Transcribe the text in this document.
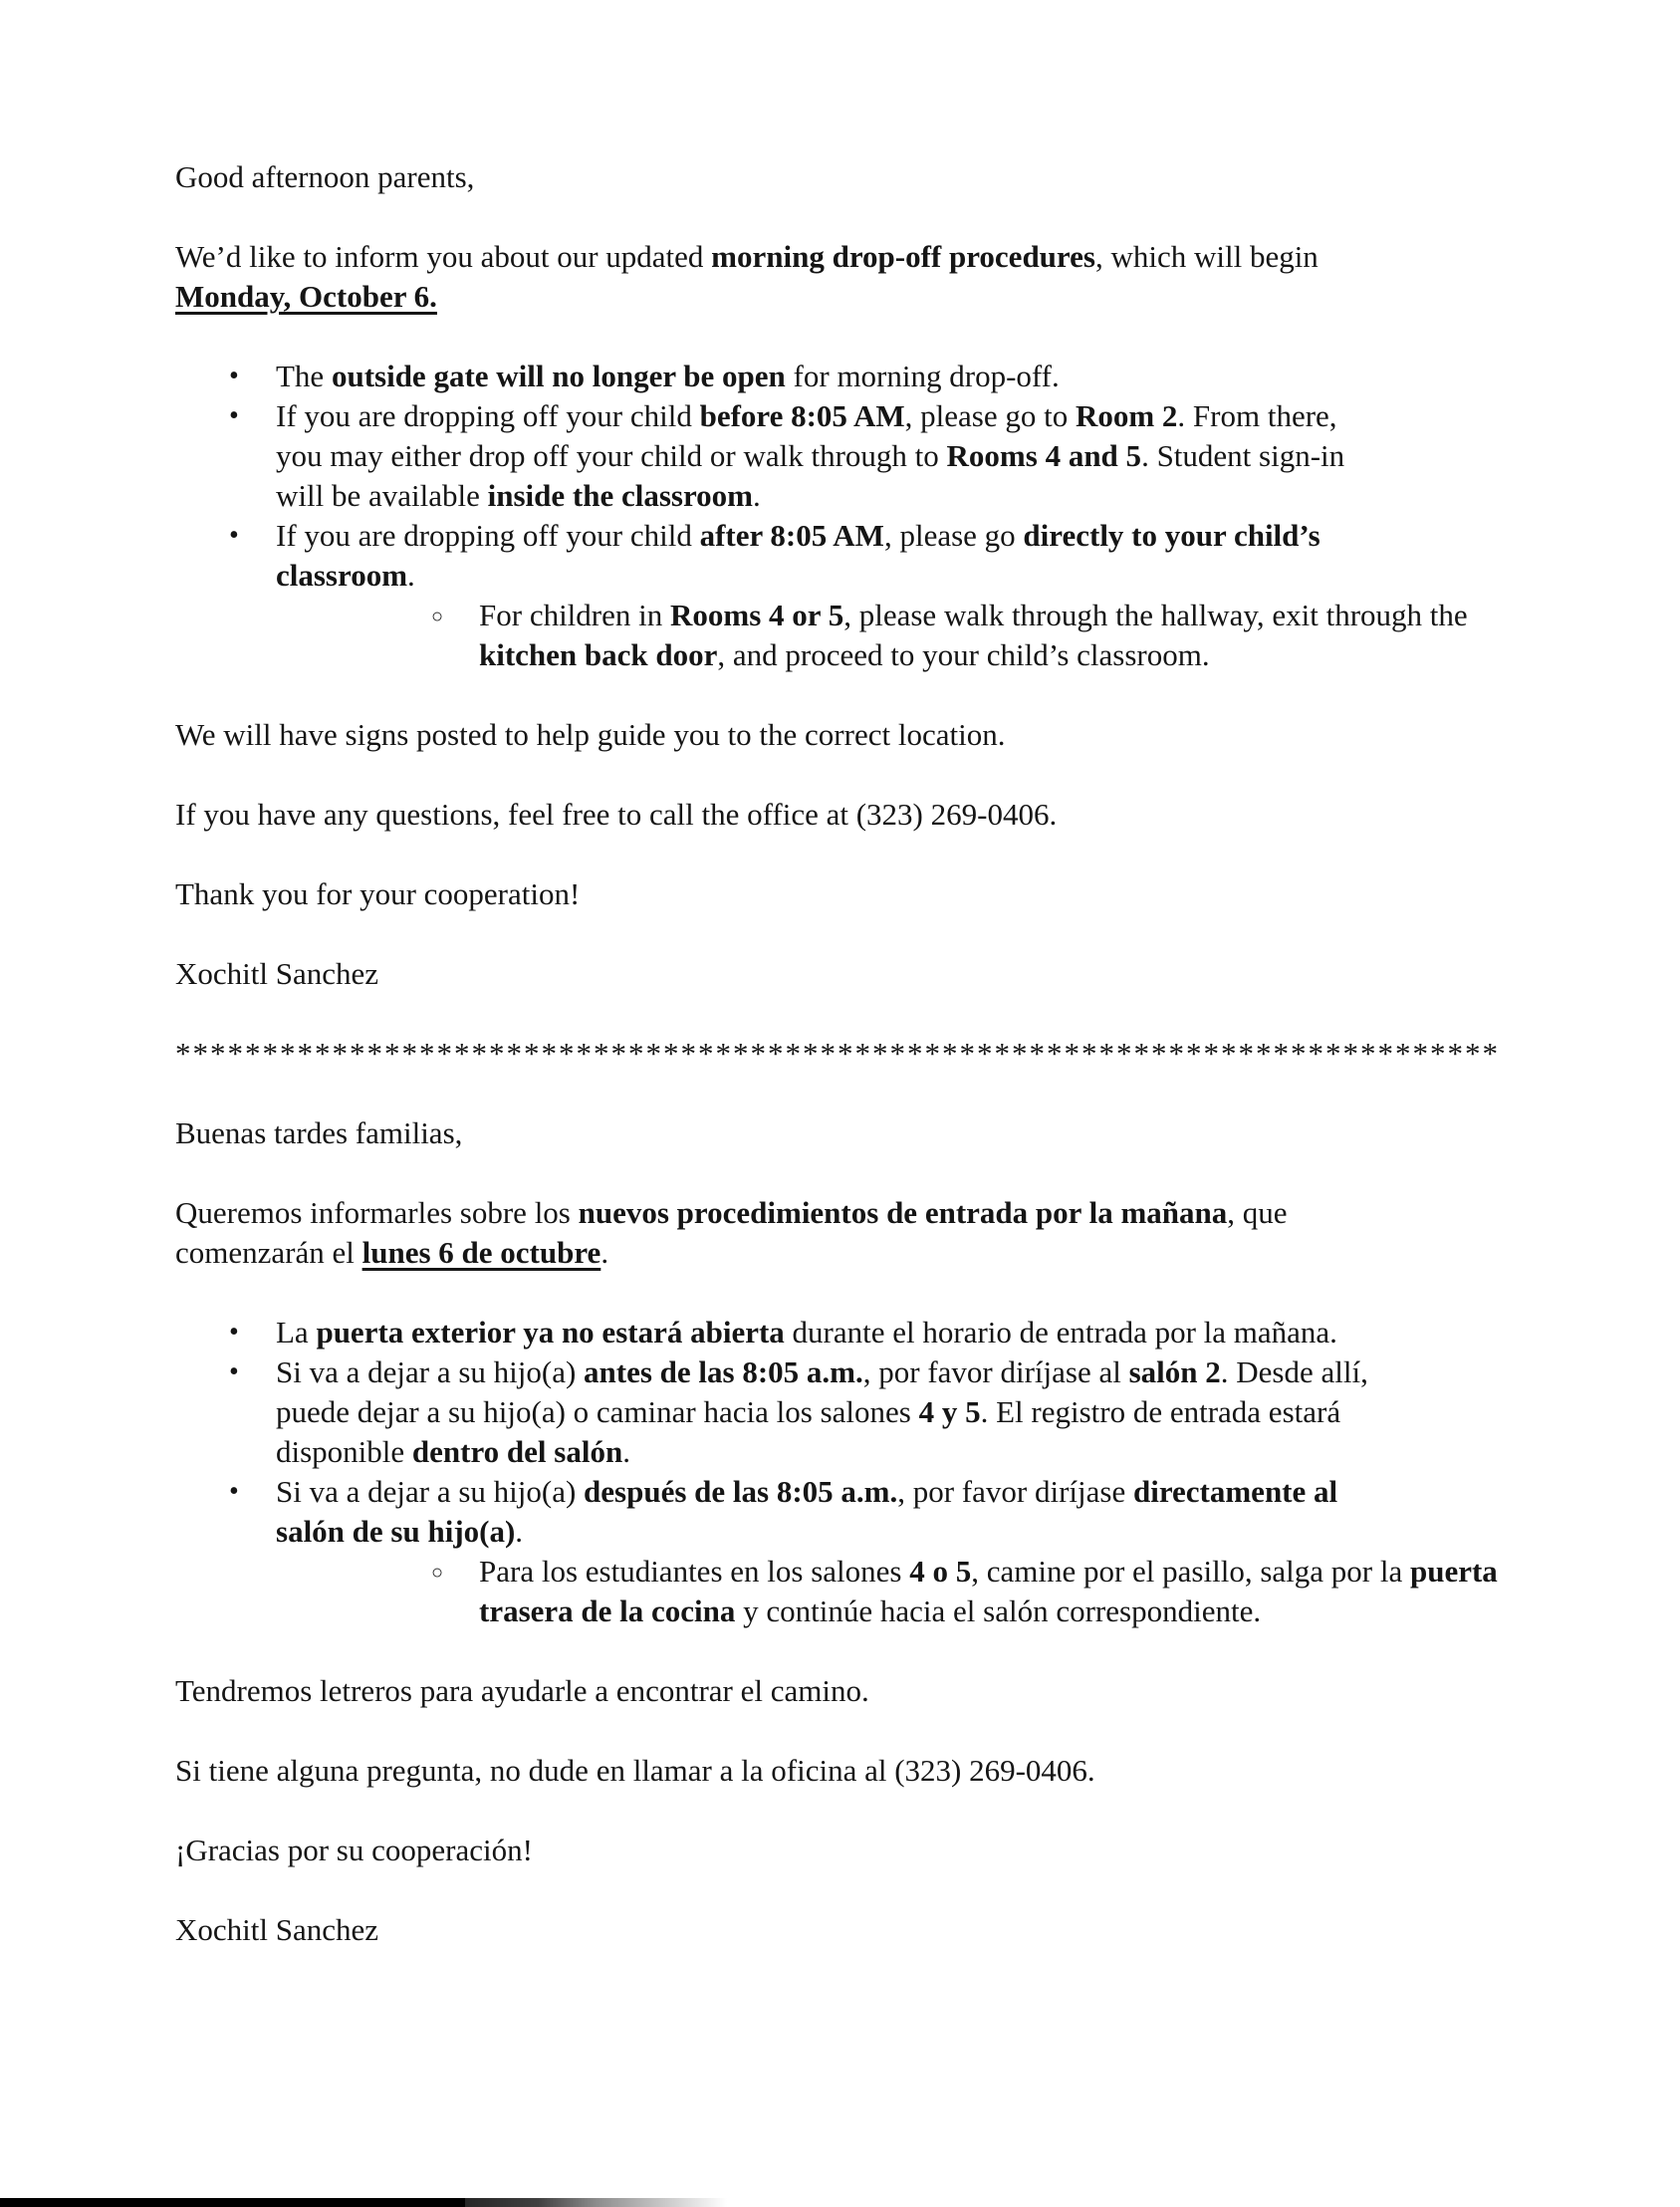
Good afternoon parents,

We’d like to inform you about our updated morning drop-off procedures, which will begin
Monday, October 6.

• The outside gate will no longer be open for morning drop-off.
• If you are dropping off your child before 8:05 AM, please go to Room 2. From there,
you may either drop off your child or walk through to Rooms 4 and 5. Student sign-in
will be available inside the classroom.
• If you are dropping off your child after 8:05 AM, please go directly to your child’s
classroom.
○ For children in Rooms 4 or 5, please walk through the hallway, exit through the
kitchen back door, and proceed to your child’s classroom.

We will have signs posted to help guide you to the correct location.

If you have any questions, feel free to call the office at (323) 269-0406.

Thank you for your cooperation!

Xochitl Sanchez

****************************************************************************

Buenas tardes familias,

Queremos informarles sobre los nuevos procedimientos de entrada por la mañana, que
comenzarán el lunes 6 de octubre.

• La puerta exterior ya no estará abierta durante el horario de entrada por la mañana.
• Si va a dejar a su hijo(a) antes de las 8:05 a.m., por favor diríjase al salón 2. Desde allí,
puede dejar a su hijo(a) o caminar hacia los salones 4 y 5. El registro de entrada estará
disponible dentro del salón.
• Si va a dejar a su hijo(a) después de las 8:05 a.m., por favor diríjase directamente al
salón de su hijo(a).
○ Para los estudiantes en los salones 4 o 5, camine por el pasillo, salga por la puerta
trasera de la cocina y continúe hacia el salón correspondiente.

Tendremos letreros para ayudarle a encontrar el camino.

Si tiene alguna pregunta, no dude en llamar a la oficina al (323) 269-0406.

¡Gracias por su cooperación!

Xochitl Sanchez
